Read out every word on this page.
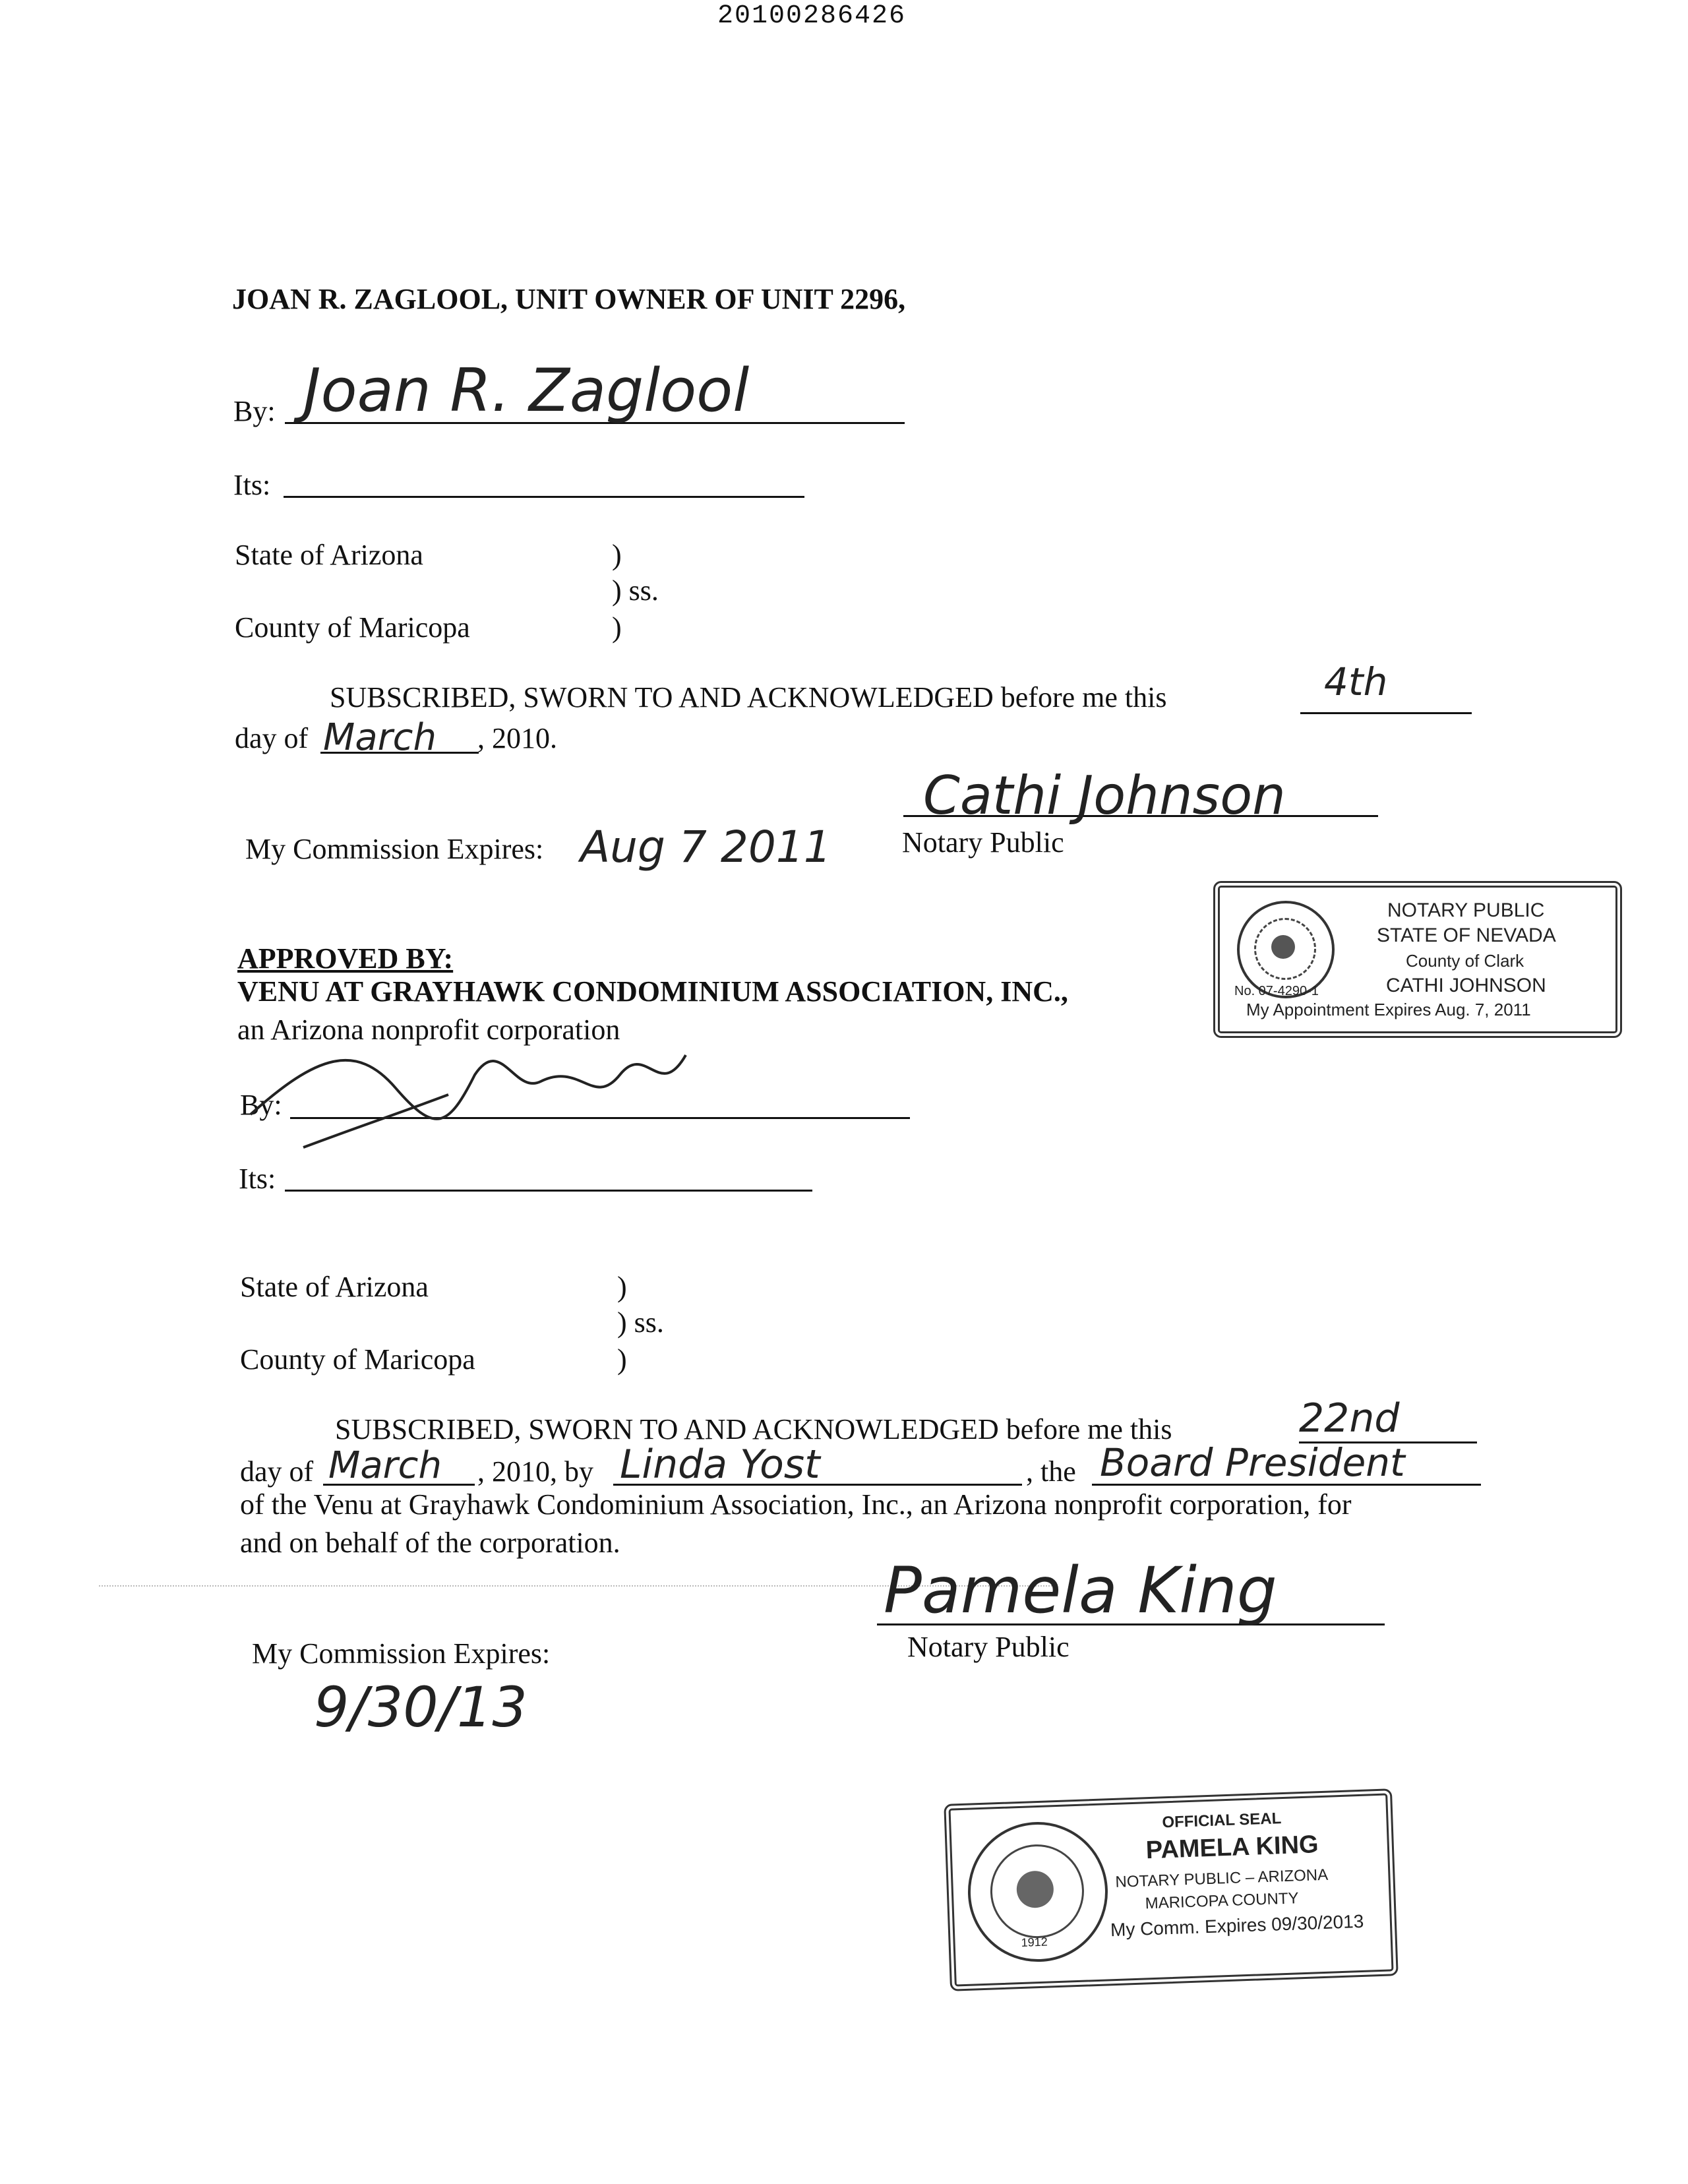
20100286426
JOAN R. ZAGLOOL, UNIT OWNER OF UNIT 2296,
By: Joan R. Zaglool
Its:
State of Arizona	)
) ss.
County of Maricopa	)
SUBSCRIBED, SWORN TO AND ACKNOWLEDGED before me this	4th
day of March , 2010.
Cathi Johnson
Notary Public
My Commission Expires: Aug 7 2011
NOTARY PUBLIC
STATE OF NEVADA
County of Clark
CATHI JOHNSON
No. 07-4290-1
My Appointment Expires Aug. 7, 2011
APPROVED BY:
VENU AT GRAYHAWK CONDOMINIUM ASSOCIATION, INC.,
an Arizona nonprofit corporation
By:
Its:
State of Arizona	)
) ss.
County of Maricopa	)
SUBSCRIBED, SWORN TO AND ACKNOWLEDGED before me this	22nd
day of March , 2010, by Linda Yost	, the Board President
of the Venu at Grayhawk Condominium Association, Inc., an Arizona nonprofit corporation, for
and on behalf of the corporation.
Pamela King
Notary Public
My Commission Expires:
9/30/13
1912
OFFICIAL SEAL
PAMELA KING
NOTARY PUBLIC – ARIZONA
MARICOPA COUNTY
My Comm. Expires 09/30/2013
